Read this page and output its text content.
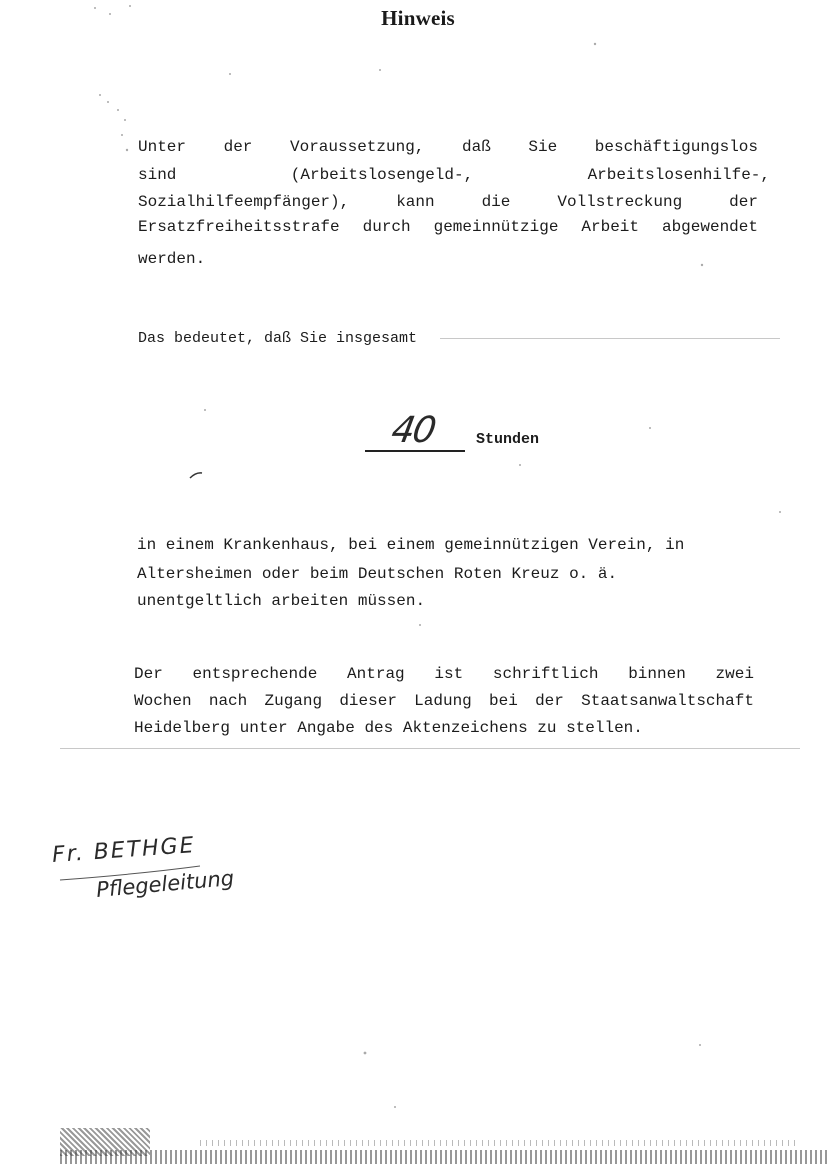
Hinweis
Unter der Voraussetzung, daß Sie beschäftigungslos
sind	(Arbeitslosengeld-,	Arbeitslosenhilfe-,
Sozialhilfeempfänger),	kann	die	Vollstreckung	der
Ersatzfreiheitsstrafe durch gemeinnützige Arbeit abgewendet
werden.
Das bedeutet, daß Sie insgesamt
40	Stunden
in einem Krankenhaus, bei einem gemeinnützigen Verein, in
Altersheimen oder beim Deutschen Roten Kreuz o. ä.
unentgeltlich arbeiten müssen.
Der entsprechende Antrag ist schriftlich binnen zwei
Wochen nach Zugang dieser Ladung bei der Staatsanwaltschaft
Heidelberg unter Angabe des Aktenzeichens zu stellen.
Fr. BETHGE
Pflegeleitung
